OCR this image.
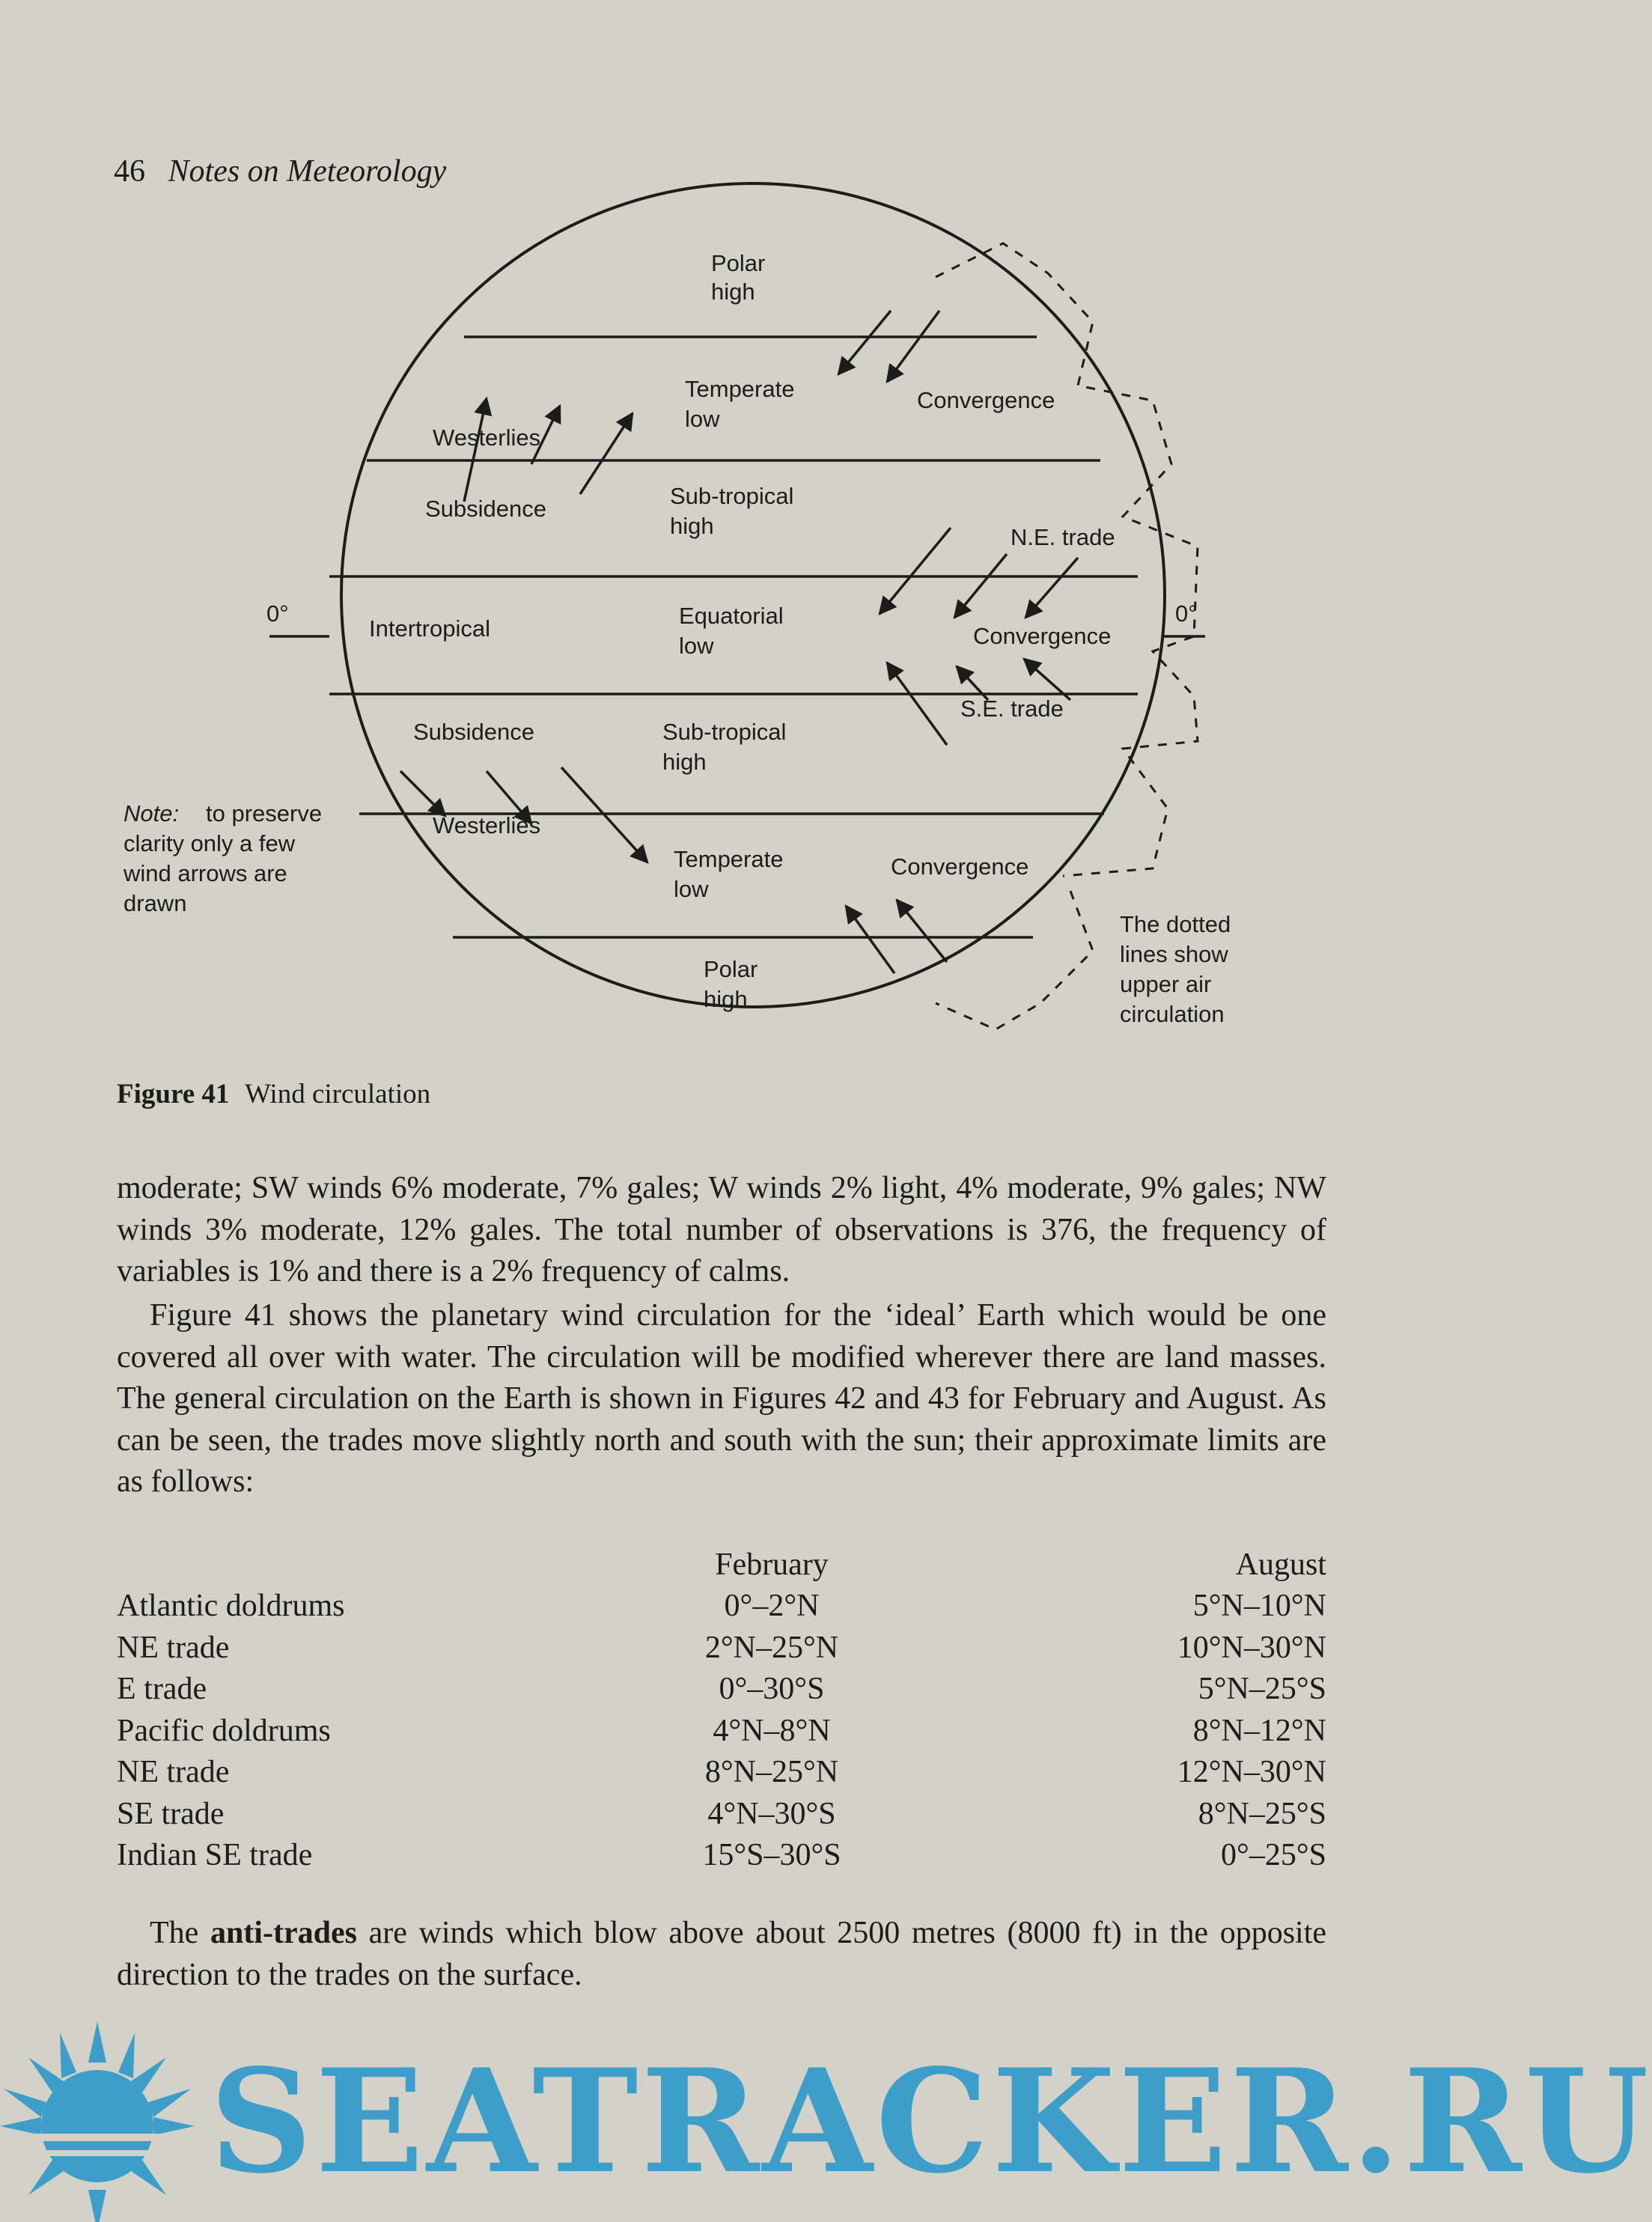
46 Notes on Meteorology
Polar
high
Temperate
low
Convergence
Westerlies
Subsidence	Sub-tropical
high	N.E. trade
0°	0°
Intertropical	Equatorial
low	Convergence
S.E. trade
Subsidence	Sub-tropical
high
Westerlies
Temperate
low
Convergence
Polar
high
Note: to preserve
clarity only a few
wind arrows are
drawn
The dotted
lines show
upper air
circulation
Figure 41 Wind circulation

moderate; SW winds 6% moderate, 7% gales; W winds 2% light, 4% moderate, 9% gales; NW winds 3% moderate, 12% gales. The total number of observations is 376, the frequency of variables is 1% and there is a 2% frequency of calms.

Figure 41 shows the planetary wind circulation for the ‘ideal’ Earth which would be one covered all over with water. The circulation will be modified wherever there are land masses. The general circulation on the Earth is shown in Figures 42 and 43 for February and August. As can be seen, the trades move slightly north and south with the sun; their approximate limits are as follows:

	February	August
Atlantic doldrums	0°–2°N	5°N–10°N
NE trade	2°N–25°N	10°N–30°N
E trade	0°–30°S	5°N–25°S
Pacific doldrums	4°N–8°N	8°N–12°N
NE trade	8°N–25°N	12°N–30°N
SE trade	4°N–30°S	8°N–25°S
Indian SE trade	15°S–30°S	0°–25°S

The anti-trades are winds which blow above about 2500 metres (8000 ft) in the opposite direction to the trades on the surface.

SEATRACKER.RU
